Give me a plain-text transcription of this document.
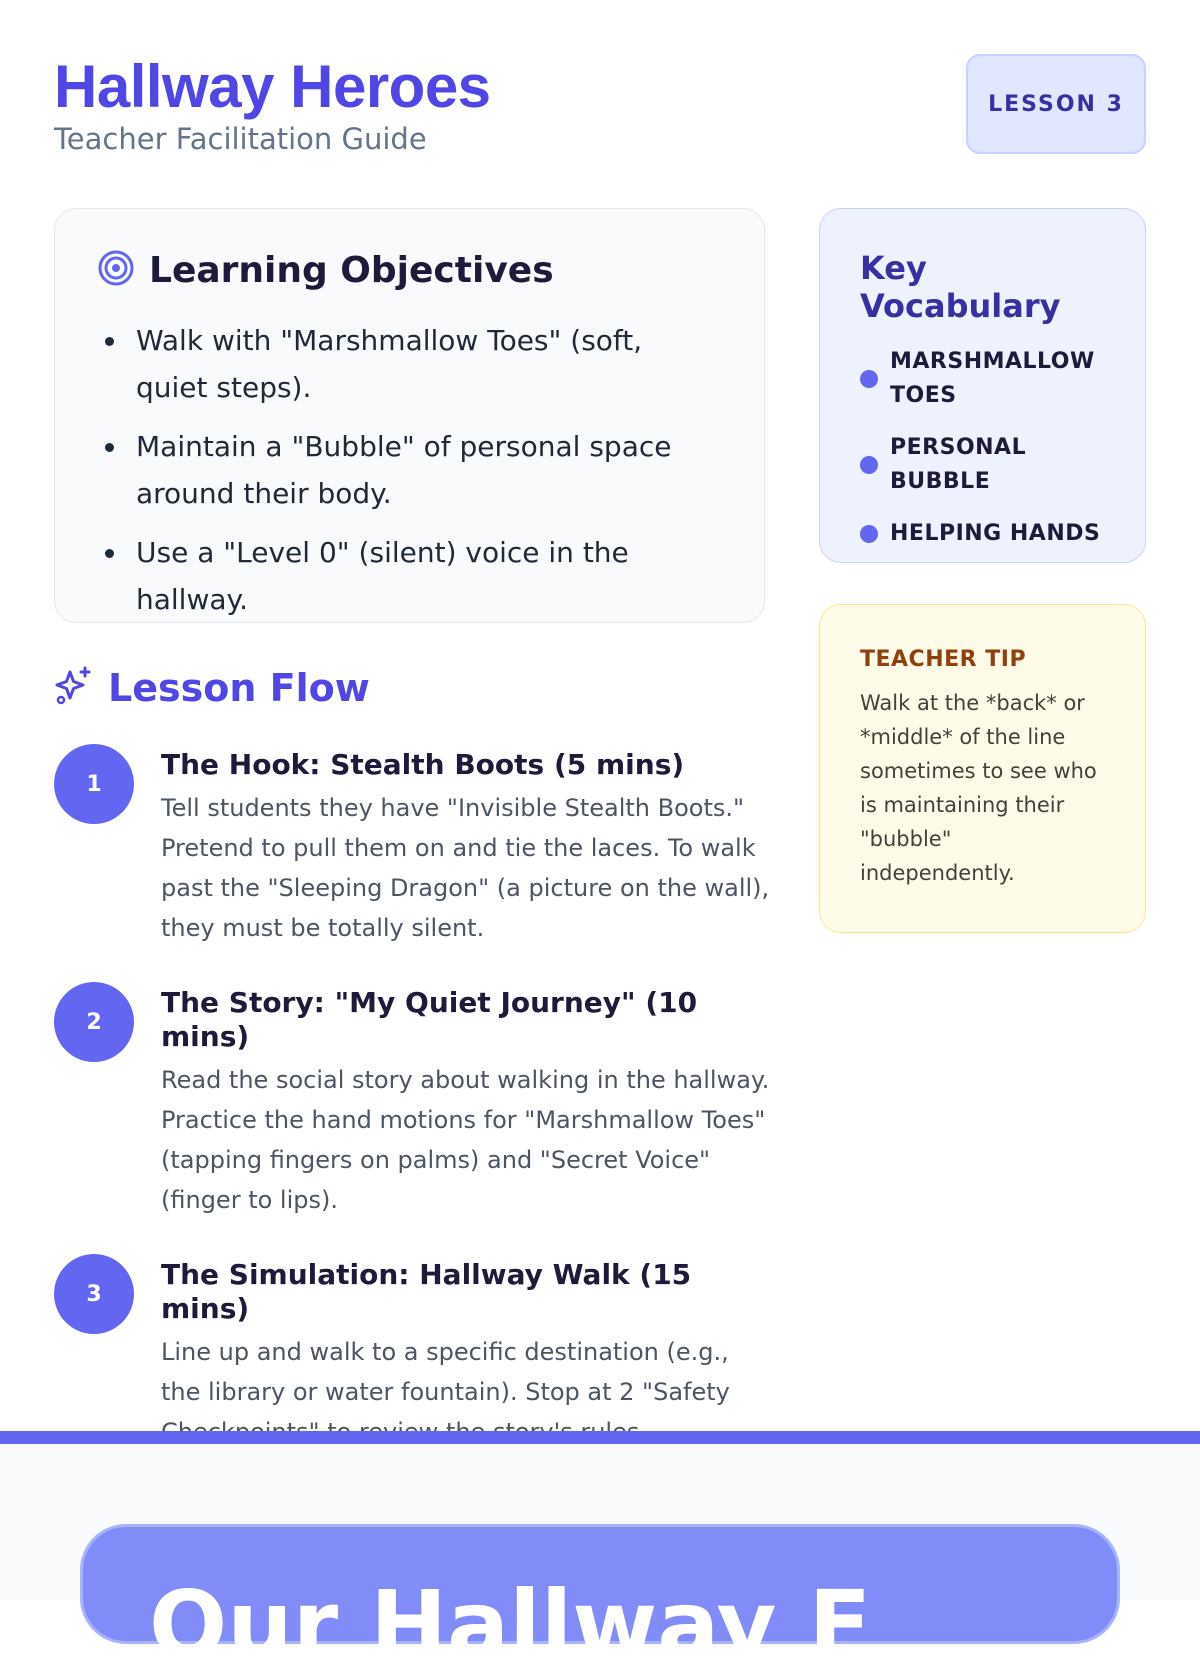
Hallway Heroes
Teacher Facilitation Guide
LESSON 3
Learning Objectives
Walk with "Marshmallow Toes" (soft, quiet steps).
Maintain a "Bubble" of personal space around their body.
Use a "Level 0" (silent) voice in the hallway.
Lesson Flow
1
The Hook: Stealth Boots (5 mins)
Tell students they have "Invisible Stealth Boots." Pretend to pull them on and tie the laces. To walk past the "Sleeping Dragon" (a picture on the wall), they must be totally silent.
2
The Story: "My Quiet Journey" (10 mins)
Read the social story about walking in the hallway. Practice the hand motions for "Marshmallow Toes" (tapping fingers on palms) and "Secret Voice" (finger to lips).
3
The Simulation: Hallway Walk (15 mins)
Line up and walk to a specific destination (e.g., the library or water fountain). Stop at 2 "Safety
Key Vocabulary
MARSHMALLOW TOES
PERSONAL BUBBLE
HELPING HANDS
TEACHER TIP

Walk at the *back* or *middle* of the line sometimes to see who is maintaining their "bubble" independently.

Our Hallway F
